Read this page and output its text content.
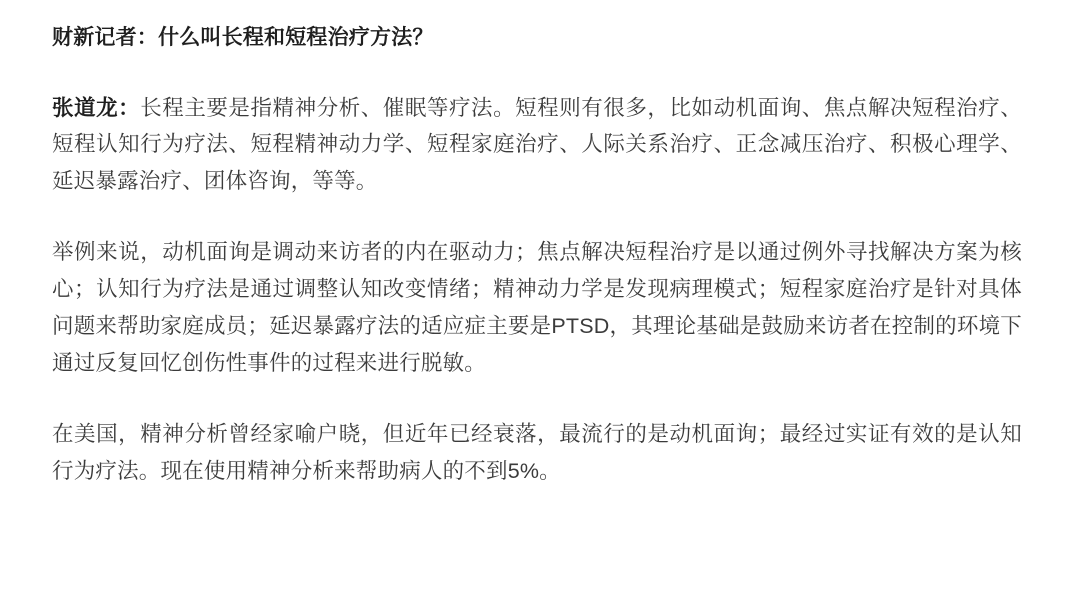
财新记者：什么叫长程和短程治疗方法？

张道龙：长程主要是指精神分析、催眠等疗法。短程则有很多，比如动机面询、焦点解决短程治疗、短程认知行为疗法、短程精神动力学、短程家庭治疗、人际关系治疗、正念减压治疗、积极心理学、延迟暴露治疗、团体咨询，等等。

举例来说，动机面询是调动来访者的内在驱动力；焦点解决短程治疗是以通过例外寻找解决方案为核心；认知行为疗法是通过调整认知改变情绪；精神动力学是发现病理模式；短程家庭治疗是针对具体问题来帮助家庭成员；延迟暴露疗法的适应症主要是PTSD，其理论基础是鼓励来访者在控制的环境下通过反复回忆创伤性事件的过程来进行脱敏。

在美国，精神分析曾经家喻户晓，但近年已经衰落，最流行的是动机面询；最经过实证有效的是认知行为疗法。现在使用精神分析来帮助病人的不到5%。
